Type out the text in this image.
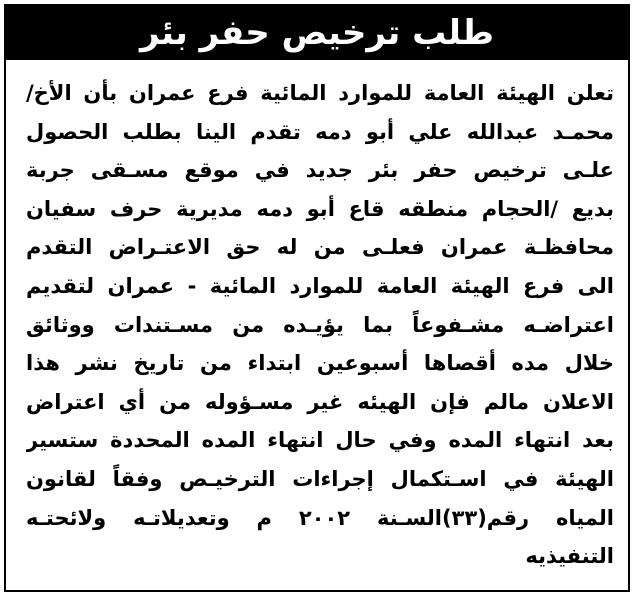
طلب ترخيص حفر بئر
تعلن الهيئة العامة للموارد المائية فرع عمران بأن الأخ/
محمـد عبدالله علي أبو دمه تقدم الينا بطلب الحصول
علـى ترخيص حفر بئر جديد في موقع مسـقى جربة
بديع /الحجام منطقه قاع أبو دمه مديرية حرف سفيان
محافظـة عمران فعلـى من له حق الاعتـراض التقدم
الى فرع الهيئة العامة للموارد المائية - عمران لتقديم
اعتراضـه مشـفوعاً بما يؤيـده من مسـتندات ووثائق
خلال مده أقصاها أسبوعين ابتداء من تاريخ نشر هذا
الاعلان مالم فإن الهيئه غير مسـؤوله من أي اعتراض
بعد انتهاء المده وفي حال انتهاء المده المحددة ستسير
الهيئة في اسـتكمال إجراءات الترخيـص وفقاً لقانون
المياه رقم(٣٣)السـنة ٢٠٠٢ م وتعديلاتـه ولائحتـه
التنفيذيه
